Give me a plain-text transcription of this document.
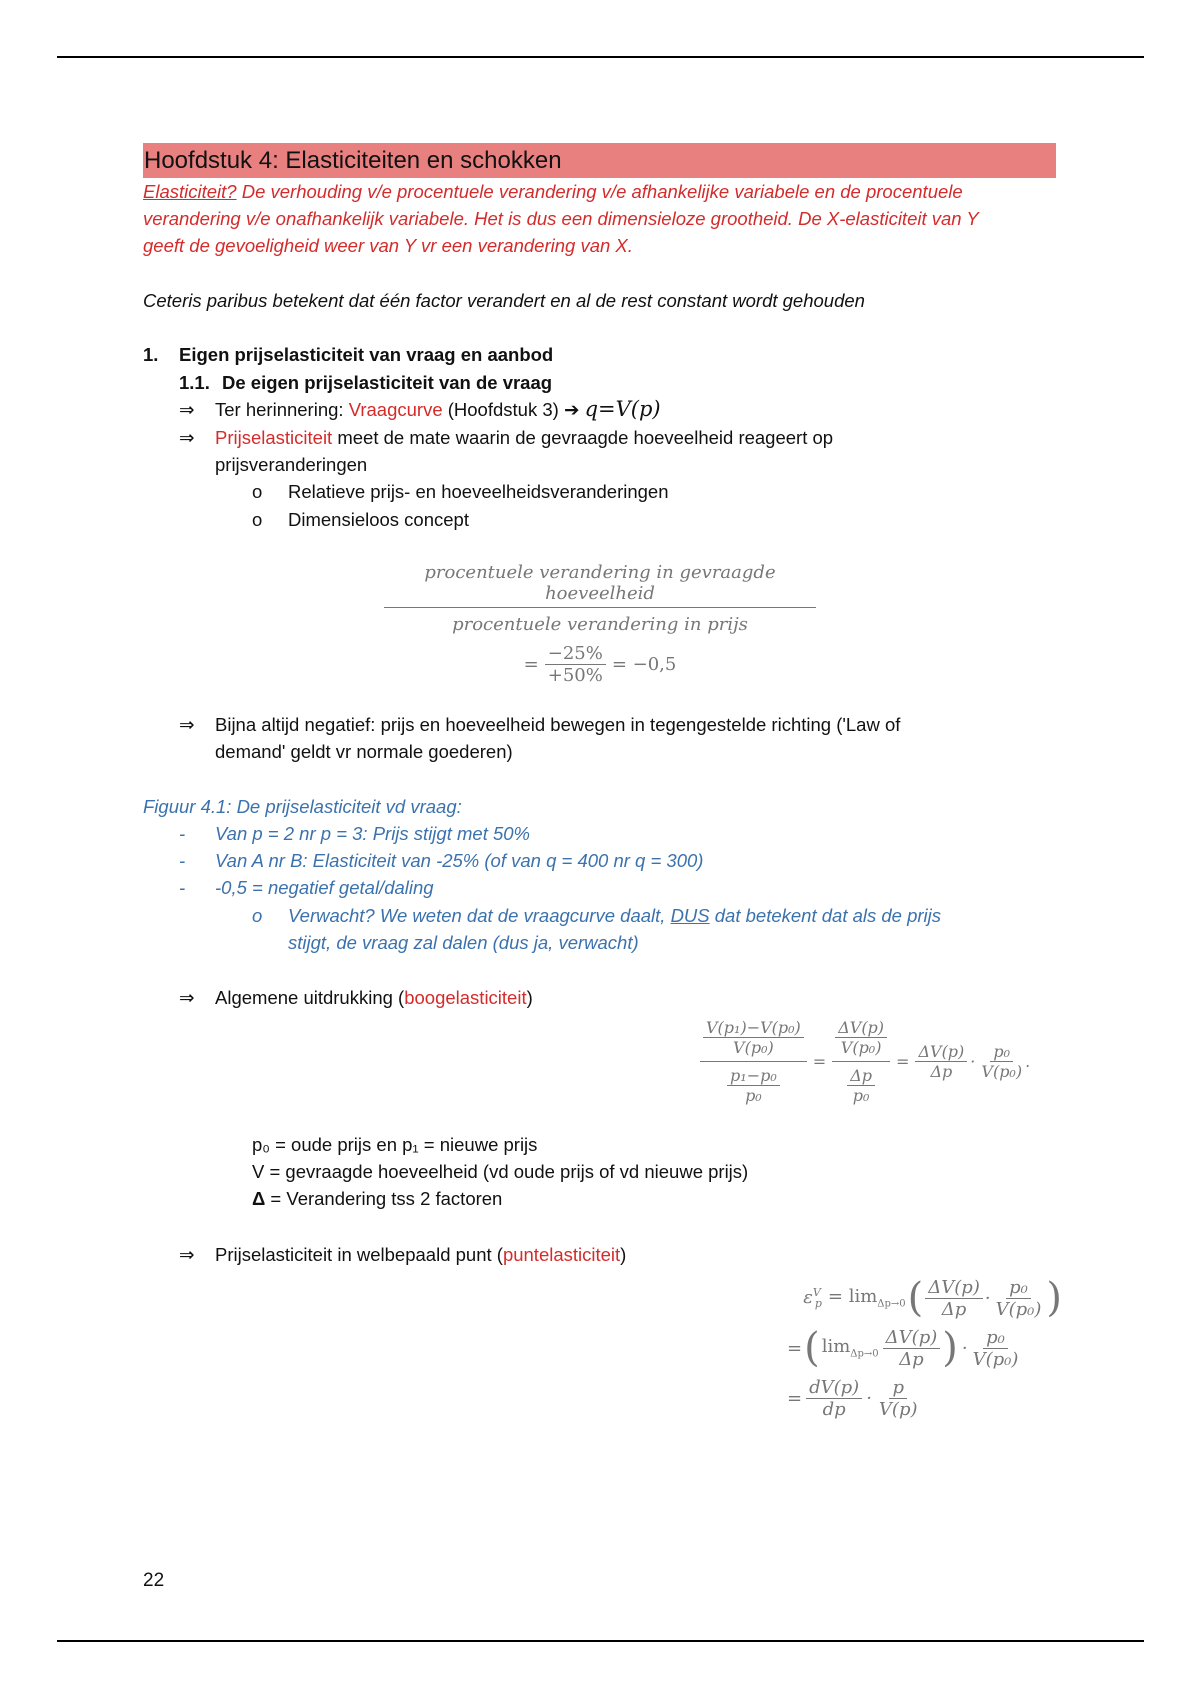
Hoofdstuk 4: Elasticiteiten en schokken
Elasticiteit? De verhouding v/e procentuele verandering v/e afhankelijke variabele en de procentuele
verandering v/e onafhankelijk variabele. Het is dus een dimensieloze grootheid. De X-elasticiteit van Y
geeft de gevoeligheid weer van Y vr een verandering van X.
Ceteris paribus betekent dat één factor verandert en al de rest constant wordt gehouden
1. Eigen prijselasticiteit van vraag en aanbod
1.1. De eigen prijselasticiteit van de vraag
⇒ Ter herinnering: Vraagcurve (Hoofdstuk 3) ➔ q=V(p)
⇒ Prijselasticiteit meet de mate waarin de gevraagde hoeveelheid reageert op
prijsveranderingen
o Relatieve prijs- en hoeveelheidsveranderingen
o Dimensieloos concept
procentuele verandering in gevraagde hoeveelheid
procentuele verandering in prijs
= $\frac{-25\%}{+50\%} = -0,5$
⇒ Bijna altijd negatief: prijs en hoeveelheid bewegen in tegengestelde richting ('Law of
demand' geldt vr normale goederen)
Figuur 4.1: De prijselasticiteit vd vraag:
- Van p = 2 nr p = 3: Prijs stijgt met 50%
- Van A nr B: Elasticiteit van -25% (of van q = 400 nr q = 300)
- -0,5 = negatief getal/daling
o Verwacht? We weten dat de vraagcurve daalt, DUS dat betekent dat als de prijs
stijgt, de vraag zal dalen (dus ja, verwacht)
⇒ Algemene uitdrukking (boogelasticiteit)
$\frac{\frac{\text{V(p₁)−V(p₀)}}{\text{V(p₀)}}}{\frac{\text{p₁−p₀}}{\text{p₀}}} = \frac{\frac{\Delta V(p)}{\text{V(p₀)}}}{\frac{\Delta p}{\text{p₀}}} = \frac{\Delta V(p)}{\Delta p} \cdot \frac{\text{p₀}}{\text{V(p₀)}}$ .
p₀ = oude prijs en p₁ = nieuwe prijs
V = gevraagde hoeveelheid (vd oude prijs of vd nieuwe prijs)
Δ = Verandering tss 2 factoren
⇒ Prijselasticiteit in welbepaald punt (puntelasticiteit)
$\varepsilon^V_p = \lim_{\Delta p\to 0}$ ( $\frac{\Delta V(p)}{\Delta p} \cdot \frac{\text{p₀}}{\text{V(p₀)}}$ )
= ( $\lim_{\Delta p\to 0} \frac{\Delta V(p)}{\Delta p}$ ) · $\frac{\text{p₀}}{\text{V(p₀)}}$
= $\frac{dV(p)}{dp} \cdot \frac{p}{V(p)}$
22
